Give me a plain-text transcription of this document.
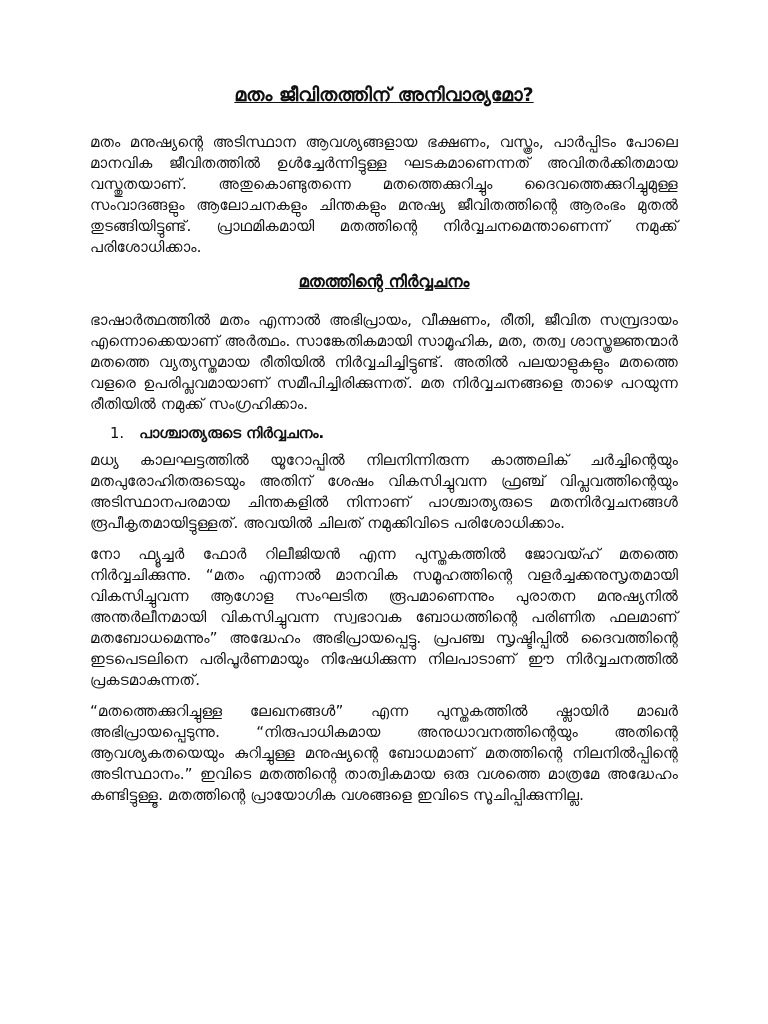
മതം ജീവിതത്തിന് അനിവാര്യമോ?

മതം മനുഷ്യന്റെ അടിസ്ഥാന ആവശ്യങ്ങളായ ഭക്ഷണം, വസ്ത്രം, പാർപ്പിടം പോലെ മാനവിക ജീവിതത്തിൽ ഉൾച്ചേർന്നിട്ടുള്ള ഘടകമാണെന്നത് അവിതർക്കിതമായ വസ്തുതയാണ്. അതുകൊണ്ടുതന്നെ മതത്തെക്കുറിച്ചും ദൈവത്തെക്കുറിച്ചുമുള്ള സംവാദങ്ങളും ആലോചനകളും ചിന്തകളും മനുഷ്യ ജീവിതത്തിന്റെ ആരംഭം മുതൽ തുടങ്ങിയിട്ടുണ്ട്. പ്രാഥമികമായി മതത്തിന്റെ നിർവ്വചനമെന്താണെന്ന് നമുക്ക് പരിശോധിക്കാം.

മതത്തിന്റെ നിർവ്വചനം

ഭാഷാർത്ഥത്തിൽ മതം എന്നാൽ അഭിപ്രായം, വീക്ഷണം, രീതി, ജീവിത സമ്പ്രദായം എന്നൊക്കെയാണ് അർത്ഥം. സാങ്കേതികമായി സാമൂഹിക, മത, തത്വ ശാസ്ത്രജ്ഞന്മാർ മതത്തെ വ്യത്യസ്തമായ രീതിയിൽ നിർവ്വചിച്ചിട്ടുണ്ട്. അതിൽ പലയാളുകളും മതത്തെ വളരെ ഉപരിപ്ലവമായാണ് സമീപിച്ചിരിക്കുന്നത്. മത നിർവ്വചനങ്ങളെ താഴെ പറയുന്ന രീതിയിൽ നമുക്ക് സംഗ്രഹിക്കാം.

1. പാശ്ചാത്യരുടെ നിർവ്വചനം.

മധ്യ കാലഘട്ടത്തിൽ യൂറോപ്പിൽ നിലനിന്നിരുന്ന കാത്തലിക് ചർച്ചിന്റെയും മതപുരോഹിതരുടെയും അതിന് ശേഷം വികസിച്ചുവന്ന ഫ്രഞ്ച് വിപ്ലവത്തിന്റെയും അടിസ്ഥാനപരമായ ചിന്തകളിൽ നിന്നാണ് പാശ്ചാത്യരുടെ മതനിർവ്വചനങ്ങൾ രൂപീകൃതമായിട്ടുള്ളത്. അവയിൽ ചിലത് നമുക്കിവിടെ പരിശോധിക്കാം.

നോ ഫ്യൂച്ചർ ഫോർ റിലീജിയൻ എന്ന പുസ്തകത്തിൽ ജോവയ്ഹ് മതത്തെ നിർവ്വചിക്കുന്നു. “മതം എന്നാൽ മാനവിക സമൂഹത്തിന്റെ വളർച്ചക്കനുസൃതമായി വികസിച്ചുവന്ന ആഗോള സംഘടിത രൂപമാണെന്നും പുരാതന മനുഷ്യനിൽ അന്തർലീനമായി വികസിച്ചുവന്ന സ്വഭാവക ബോധത്തിന്റെ പരിണിത ഫലമാണ് മതബോധമെന്നും” അദ്ധേഹം അഭിപ്രായപ്പെട്ടു. പ്രപഞ്ച സൃഷ്ടിപ്പിൽ ദൈവത്തിന്റെ ഇടപെടലിനെ പരിപൂർണമായും നിഷേധിക്കുന്ന നിലപാടാണ് ഈ നിർവ്വചനത്തിൽ പ്രകടമാകുന്നത്.

“മതത്തെക്കുറിച്ചുള്ള ലേഖനങ്ങൾ” എന്ന പുസ്തകത്തിൽ ഷ്ലായിർ മാഖർ അഭിപ്രായപ്പെടുന്നു. “നിരുപാധികമായ അനുധാവനത്തിന്റെയും അതിന്റെ ആവശ്യകതയെയും കുറിച്ചുള്ള മനുഷ്യന്റെ ബോധമാണ് മതത്തിന്റെ നിലനിൽപ്പിന്റെ അടിസ്ഥാനം.” ഇവിടെ മതത്തിന്റെ താത്വികമായ ഒരു വശത്തെ മാത്രമേ അദ്ധേഹം കണ്ടിട്ടുള്ളൂ. മതത്തിന്റെ പ്രായോഗിക വശങ്ങളെ ഇവിടെ സൂചിപ്പിക്കുന്നില്ല.
